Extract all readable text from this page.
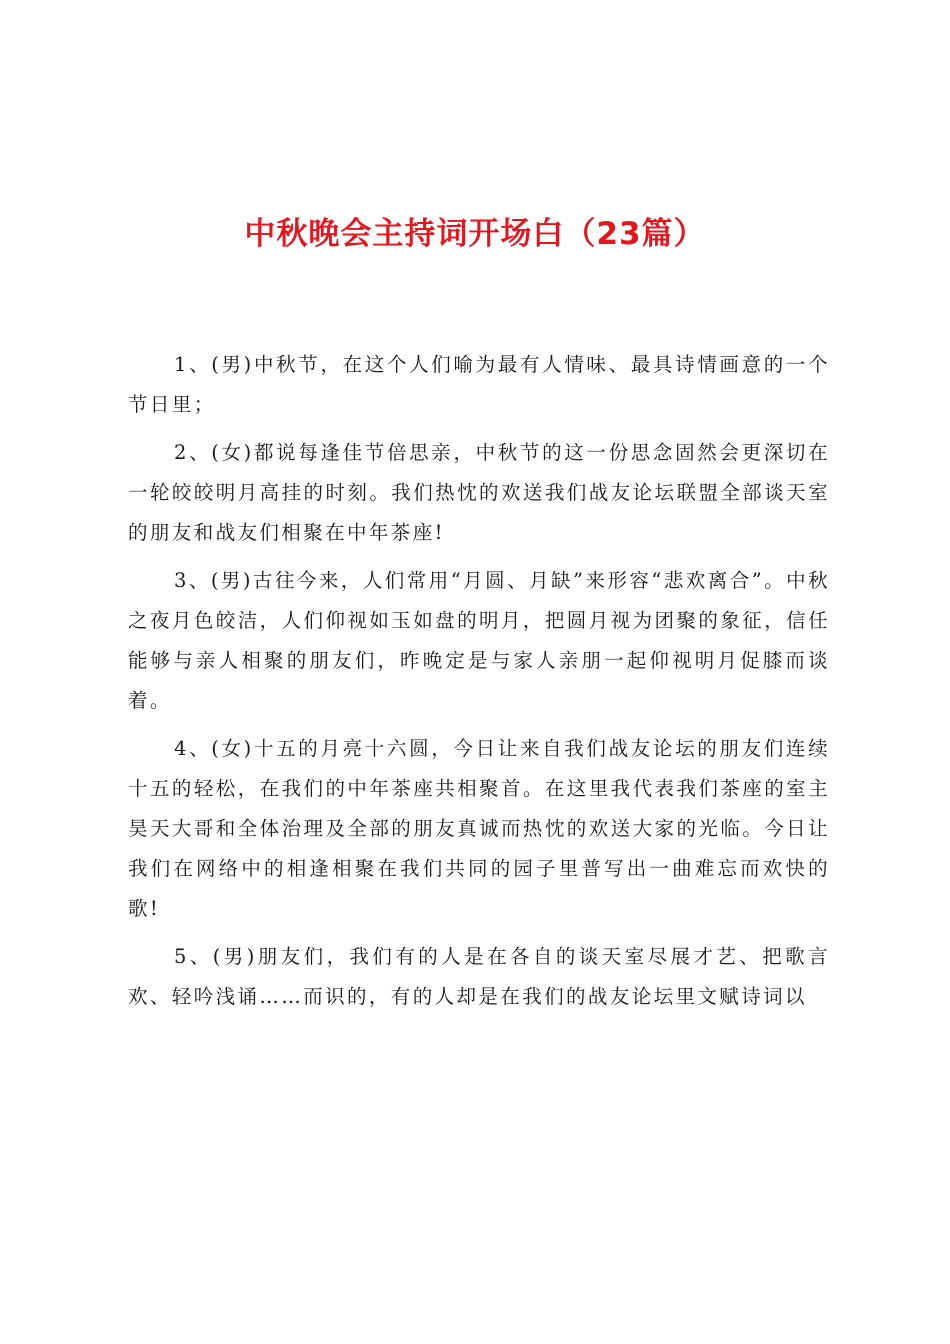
中秋晚会主持词开场白（23篇）

1、(男)中秋节，在这个人们喻为最有人情味、最具诗情画意的一个节日里；

2、(女)都说每逢佳节倍思亲，中秋节的这一份思念固然会更深切在一轮皎皎明月高挂的时刻。我们热忱的欢送我们战友论坛联盟全部谈天室的朋友和战友们相聚在中年茶座!

3、(男)古往今来，人们常用“月圆、月缺”来形容“悲欢离合”。中秋之夜月色皎洁，人们仰视如玉如盘的明月，把圆月视为团聚的象征，信任能够与亲人相聚的朋友们，昨晚定是与家人亲朋一起仰视明月促膝而谈着。

4、(女)十五的月亮十六圆，今日让来自我们战友论坛的朋友们连续十五的轻松，在我们的中年茶座共相聚首。在这里我代表我们茶座的室主昊天大哥和全体治理及全部的朋友真诚而热忱的欢送大家的光临。今日让我们在网络中的相逢相聚在我们共同的园子里普写出一曲难忘而欢快的歌!

5、(男)朋友们，我们有的人是在各自的谈天室尽展才艺、把歌言欢、轻吟浅诵……而识的，有的人却是在我们的战友论坛里文赋诗词以
